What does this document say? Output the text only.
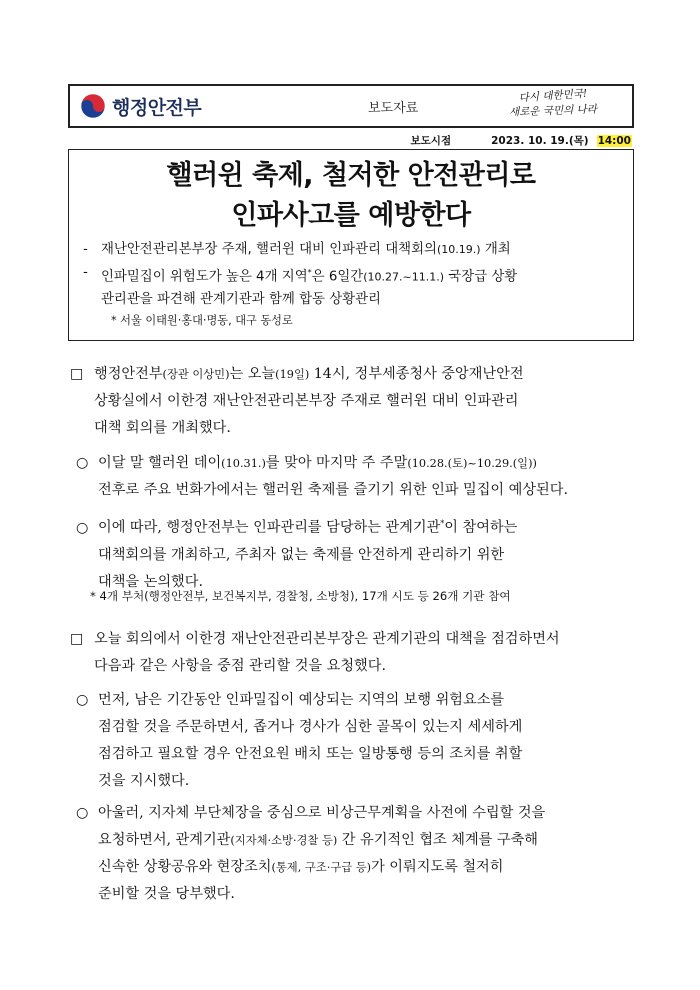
행정안전부	보도자료
다시 대한민국!
새로운 국민의 나라
보도시점	2023. 10. 19.(목) 14:00
핼러윈 축제, 철저한 안전관리로
인파사고를 예방한다
- 재난안전관리본부장 주재, 핼러윈 대비 인파관리 대책회의(10.19.) 개최
- 인파밀집이 위험도가 높은 4개 지역*은 6일간(10.27.~11.1.) 국장급 상황
관리관을 파견해 관계기관과 함께 합동 상황관리
* 서울 이태원·홍대·명동, 대구 동성로
□ 행정안전부(장관 이상민)는 오늘(19일) 14시, 정부세종청사 중앙재난안전
상황실에서 이한경 재난안전관리본부장 주재로 핼러윈 대비 인파관리
대책 회의를 개최했다.
○ 이달 말 핼러윈 데이(10.31.)를 맞아 마지막 주 주말(10.28.(토)~10.29.(일))
전후로 주요 번화가에서는 핼러윈 축제를 즐기기 위한 인파 밀집이 예상된다.
○ 이에 따라, 행정안전부는 인파관리를 담당하는 관계기관*이 참여하는
대책회의를 개최하고, 주최자 없는 축제를 안전하게 관리하기 위한
대책을 논의했다.
* 4개 부처(행정안전부, 보건복지부, 경찰청, 소방청), 17개 시도 등 26개 기관 참여
□ 오늘 회의에서 이한경 재난안전관리본부장은 관계기관의 대책을 점검하면서
다음과 같은 사항을 중점 관리할 것을 요청했다.
○ 먼저, 남은 기간동안 인파밀집이 예상되는 지역의 보행 위험요소를
점검할 것을 주문하면서, 좁거나 경사가 심한 골목이 있는지 세세하게
점검하고 필요할 경우 안전요원 배치 또는 일방통행 등의 조치를 취할
것을 지시했다.
○ 아울러, 지자체 부단체장을 중심으로 비상근무계획을 사전에 수립할 것을
요청하면서, 관계기관(지자체·소방·경찰 등) 간 유기적인 협조 체계를 구축해
신속한 상황공유와 현장조치(통제, 구조·구급 등)가 이뤄지도록 철저히
준비할 것을 당부했다.
